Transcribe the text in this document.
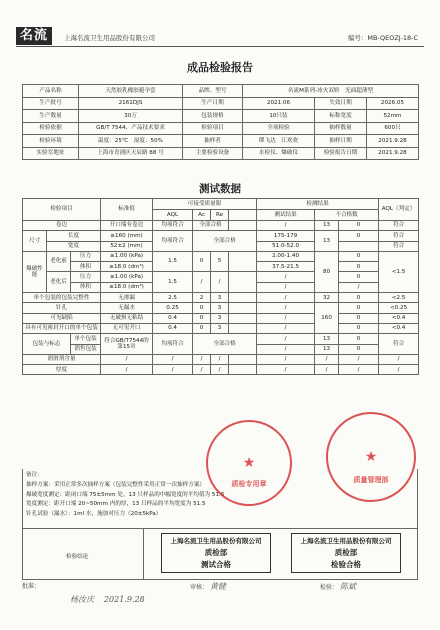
名流	上海名流卫生用品股份有限公司	编号：MB-QEOZJ-18-C
成品检验报告
产品名称	天然胶乳橡胶避孕套	品牌、型号	名流M系列-冰火双娇　光面超薄型		
生产批号	2161DJS	生产日期	2021.06	失效日期	2026.05
生产数量	30万	包装规格	10只装	标称宽度	52mm
检验依据	GB/T 7544、产品技术要求	检验项目	全项检验	抽样数量	600只
检验环境	温度：25℃　湿度：50%	抽样者	缪飞达　江欢欢	抽样日期	2021.9.28
实验室地址	上海市青浦区天辰路 88 号	主要检验设备	水检仪、爆破仪	检验报告日期	2021.9.28
测试数据
检验项目			标准值	可接受质量限				检测结果			AQL（判定）
				AQL	Ac	Re		测试结果	不合格数		
卷边			开口端有卷边	均项符合	全部合格			/	13	0	符合
尺寸	长度		≥160 (mm)	均项符合	全部合格			175-179	13	0	符合
	宽度		52±2 (mm)					51.0-52.0			符合
爆破性能	老化前	压力	≥1.00 (kPa)	1.5	0	5		2.00-1.40	80	0	<1.5
		体积	≥18.0 (dm³)					37.5-21.5		0	
	老化后	压力	≥1.00 (kPa)	1.5	/	/		/		0	
		体积	≥18.0 (dm³)					/		/	
单个包装的包装完整性			无渗漏	2.5	2	3		/	32	0	<2.5
针孔			无漏水	0.25	0	3		/	160	0	<0.25
可见缺陷			无破损无粘结	0.4	0	3		/		0	<0.4
具有可见密封开口的单个包装			无可见开口	0.4	0	3		/		0	<0.4
包装与标志		单个包装	符合GB/T7544的第15章	均项符合	全部合格			/	13	0	符合
		销售包装						/	13	0	
润滑剂含量			/	/	/	/		/	/	/	/
厚度			/	/	/	/		/	/	/	/
备注：
抽样方案：采用正常多次抽样方案（包装完整性采用正常一次抽样方案）
爆破宽度测定：距闭口端 75±5mm 处，13 只样品的中幅宽度的平均值为 51.5
宽度测定：距开口端 20~50mm 内的厚，13 只样品的平均宽度为 51.5
针孔试验（漏水）：1ml 水，施加对压力（20±5kPa）
检验结论
上海名流卫生用品股份有限公司
质检部
测试合格
上海名流卫生用品股份有限公司
质检部
检验合格
★
质检专用章
★
质量管理部
批准：
杨汝庆 2021.9.28
审核： 黄健	检验： 陈斌
